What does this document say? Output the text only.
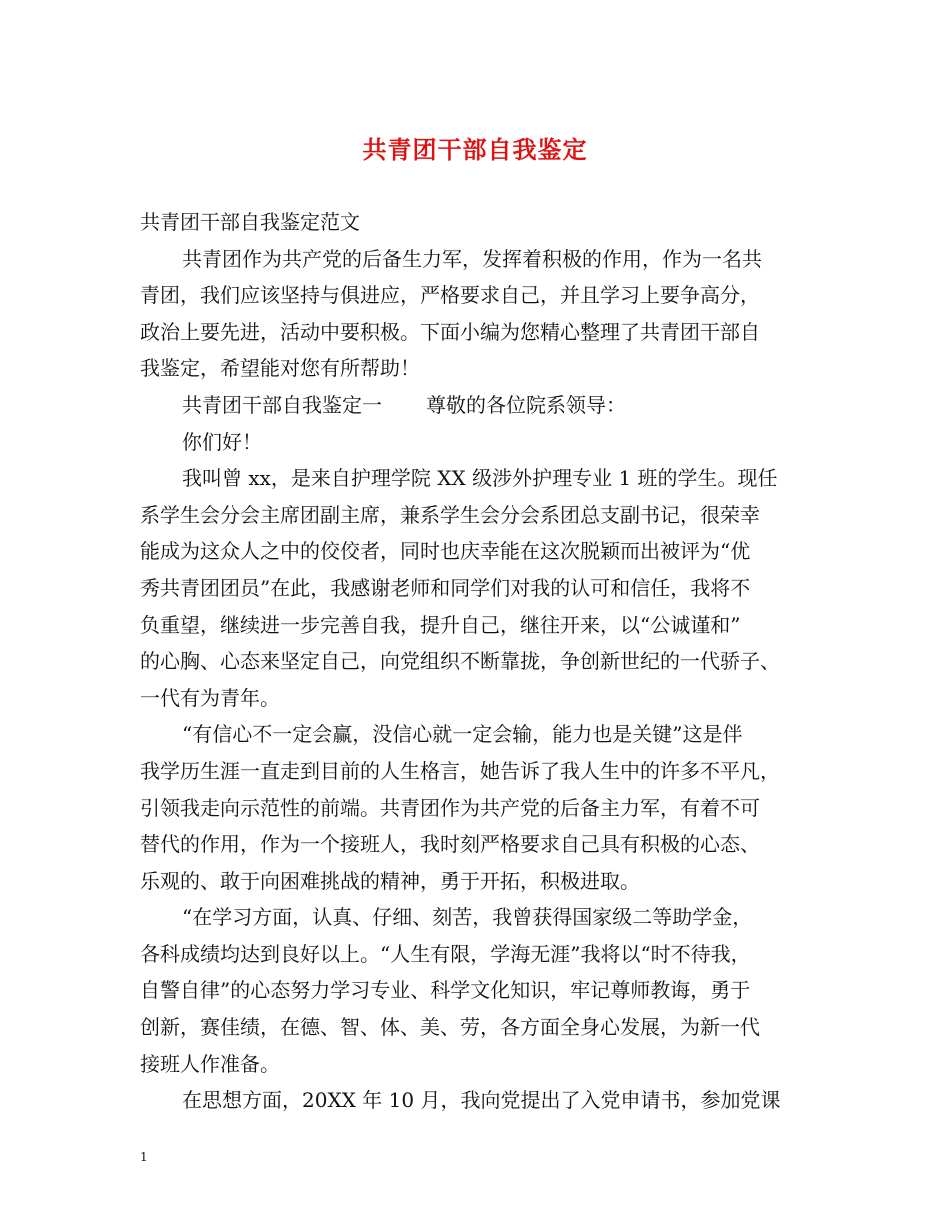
共青团干部自我鉴定
共青团干部自我鉴定范文
共青团作为共产党的后备生力军，发挥着积极的作用，作为一名共
青团，我们应该坚持与俱进应，严格要求自己，并且学习上要争高分，
政治上要先进，活动中要积极。下面小编为您精心整理了共青团干部自
我鉴定，希望能对您有所帮助！
共青团干部自我鉴定一 尊敬的各位院系领导：
你们好！
我叫曾 xx，是来自护理学院 XX 级涉外护理专业 1 班的学生。现任
系学生会分会主席团副主席，兼系学生会分会系团总支副书记，很荣幸
能成为这众人之中的佼佼者，同时也庆幸能在这次脱颖而出被评为“优
秀共青团团员”在此，我感谢老师和同学们对我的认可和信任，我将不
负重望，继续进一步完善自我，提升自己，继往开来，以“公诚谨和”
的心胸、心态来坚定自己，向党组织不断靠拢，争创新世纪的一代骄子、
一代有为青年。
“有信心不一定会赢，没信心就一定会输，能力也是关键”这是伴
我学历生涯一直走到目前的人生格言，她告诉了我人生中的许多不平凡，
引领我走向示范性的前端。共青团作为共产党的后备主力军，有着不可
替代的作用，作为一个接班人，我时刻严格要求自己具有积极的心态、
乐观的、敢于向困难挑战的精神，勇于开拓，积极进取。
“在学习方面，认真、仔细、刻苦，我曾获得国家级二等助学金，
各科成绩均达到良好以上。“人生有限，学海无涯”我将以“时不待我，
自警自律”的心态努力学习专业、科学文化知识，牢记尊师教诲，勇于
创新，赛佳绩，在德、智、体、美、劳，各方面全身心发展，为新一代
接班人作准备。
在思想方面，20XX 年 10 月，我向党提出了入党申请书，参加党课
1
